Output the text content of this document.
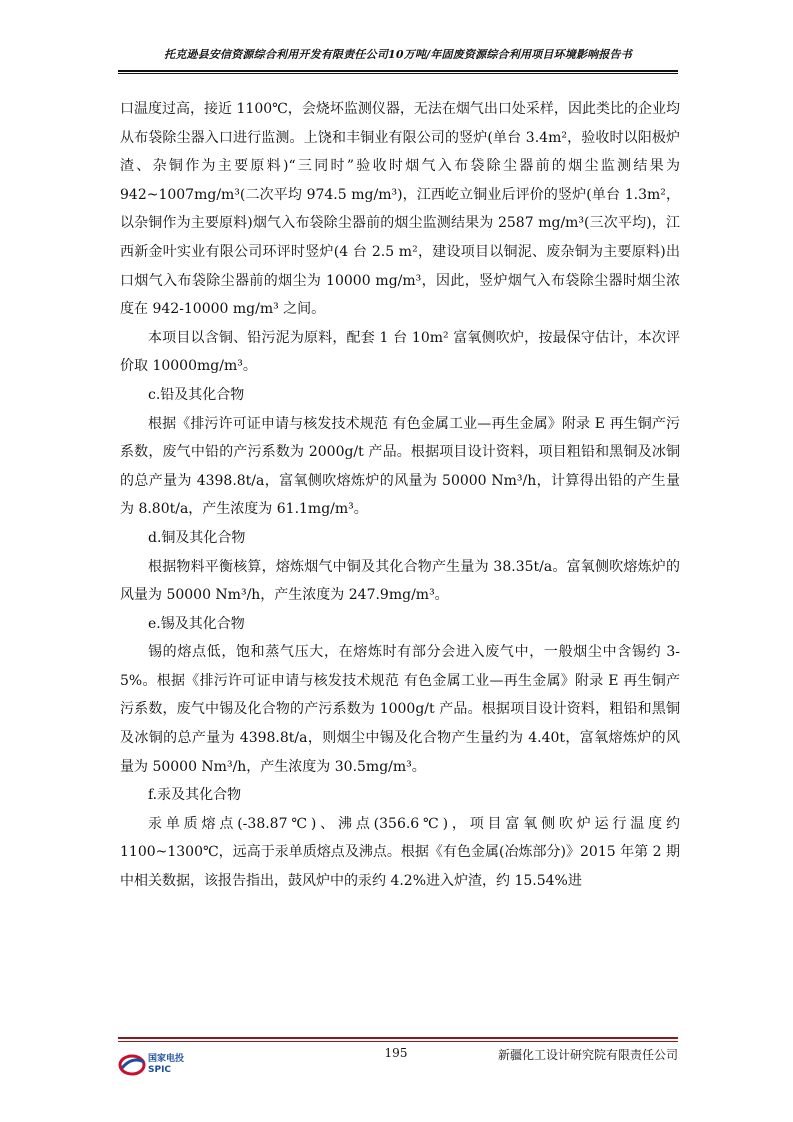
托克逊县安信资源综合利用开发有限责任公司10万吨/年固废资源综合利用项目环境影响报告书

口温度过高，接近 1100℃，会烧坏监测仪器，无法在烟气出口处采样，因此类比的企业均从布袋除尘器入口进行监测。上饶和丰铜业有限公司的竖炉(单台 3.4m²，验收时以阳极炉渣、杂铜作为主要原料)“三同时”验收时烟气入布袋除尘器前的烟尘监测结果为 942~1007mg/m³(二次平均 974.5 mg/m³)，江西屹立铜业后评价的竖炉(单台 1.3m²，以杂铜作为主要原料)烟气入布袋除尘器前的烟尘监测结果为 2587 mg/m³(三次平均)，江西新金叶实业有限公司环评时竖炉(4 台 2.5 m²，建设项目以铜泥、废杂铜为主要原料)出口烟气入布袋除尘器前的烟尘为 10000 mg/m³，因此，竖炉烟气入布袋除尘器时烟尘浓度在 942-10000 mg/m³ 之间。

本项目以含铜、铅污泥为原料，配套 1 台 10m² 富氧侧吹炉，按最保守估计，本次评价取 10000mg/m³。

c.铅及其化合物

根据《排污许可证申请与核发技术规范 有色金属工业—再生金属》附录 E 再生铜产污系数，废气中铅的产污系数为 2000g/t 产品。根据项目设计资料，项目粗铅和黑铜及冰铜的总产量为 4398.8t/a，富氧侧吹熔炼炉的风量为 50000 Nm³/h，计算得出铅的产生量为 8.80t/a，产生浓度为 61.1mg/m³。

d.铜及其化合物

根据物料平衡核算，熔炼烟气中铜及其化合物产生量为 38.35t/a。富氧侧吹熔炼炉的风量为 50000 Nm³/h，产生浓度为 247.9mg/m³。

e.锡及其化合物

锡的熔点低，饱和蒸气压大，在熔炼时有部分会进入废气中，一般烟尘中含锡约 3-5%。根据《排污许可证申请与核发技术规范 有色金属工业—再生金属》附录 E 再生铜产污系数，废气中锡及化合物的产污系数为 1000g/t 产品。根据项目设计资料，粗铅和黑铜及冰铜的总产量为 4398.8t/a，则烟尘中锡及化合物产生量约为 4.40t，富氧熔炼炉的风量为 50000 Nm³/h，产生浓度为 30.5mg/m³。

f.汞及其化合物

汞单质熔点(-38.87℃)、沸点(356.6℃)，项目富氧侧吹炉运行温度约 1100~1300℃，远高于汞单质熔点及沸点。根据《有色金属(冶炼部分)》2015 年第 2 期中相关数据，该报告指出，鼓风炉中的汞约 4.2%进入炉渣，约 15.54%进

国家电投
SPIC
195	新疆化工设计研究院有限责任公司
